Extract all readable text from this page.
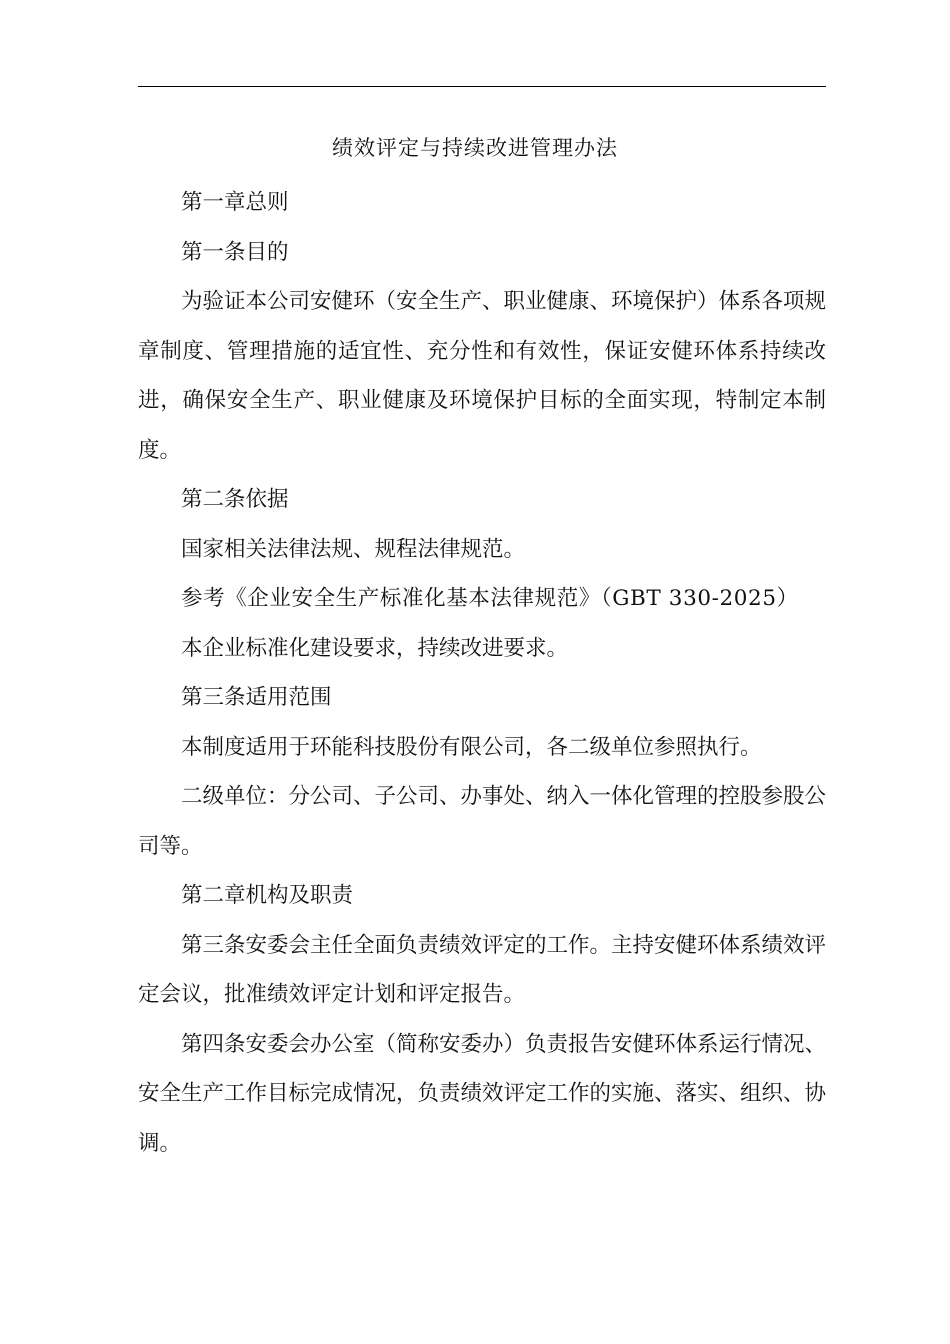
绩效评定与持续改进管理办法

第一章总则

第一条目的

为验证本公司安健环（安全生产、职业健康、环境保护）体系各项规章制度、管理措施的适宜性、充分性和有效性，保证安健环体系持续改进，确保安全生产、职业健康及环境保护目标的全面实现，特制定本制度。

第二条依据

国家相关法律法规、规程法律规范。

参考《企业安全生产标准化基本法律规范》（GBT 330-2025）

本企业标准化建设要求，持续改进要求。

第三条适用范围

本制度适用于环能科技股份有限公司，各二级单位参照执行。

二级单位：分公司、子公司、办事处、纳入一体化管理的控股参股公司等。

第二章机构及职责

第三条安委会主任全面负责绩效评定的工作。主持安健环体系绩效评定会议，批准绩效评定计划和评定报告。

第四条安委会办公室（简称安委办）负责报告安健环体系运行情况、安全生产工作目标完成情况，负责绩效评定工作的实施、落实、组织、协调。
